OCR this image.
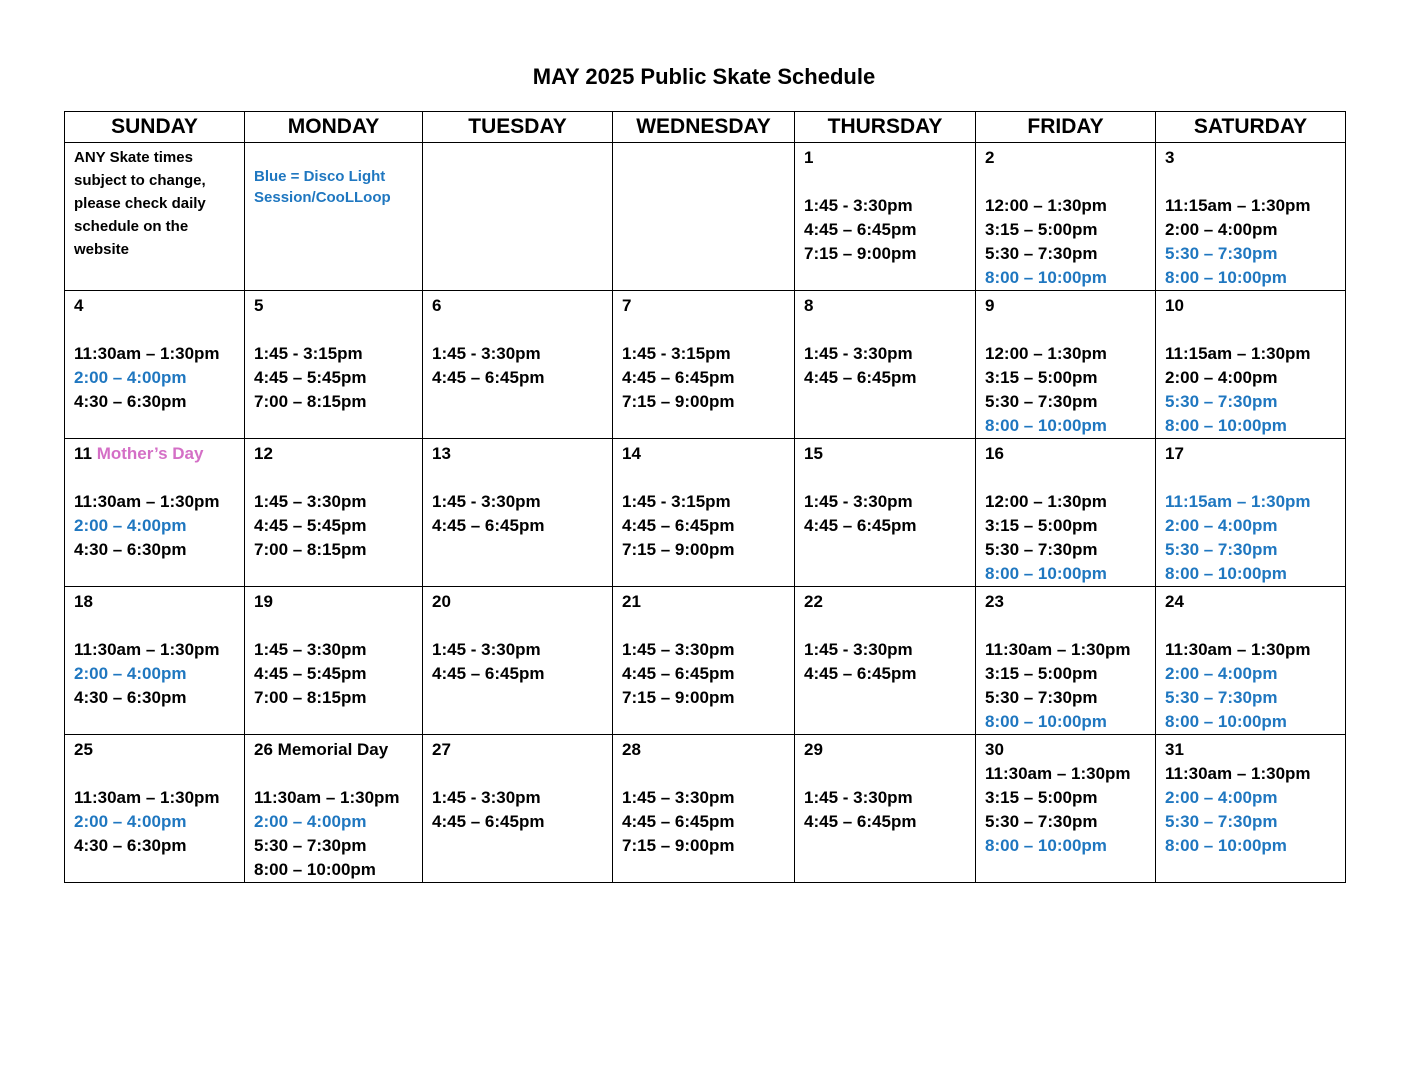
MAY 2025 Public Skate Schedule
SUNDAY	MONDAY	TUESDAY	WEDNESDAY	THURSDAY	FRIDAY	SATURDAY

ANY Skate times subject to change, please check daily schedule on the website	Blue = Disco Light Session/CooLLoop			1
1:45 - 3:30pm
4:45 – 6:45pm
7:15 – 9:00pm	2
12:00 – 1:30pm
3:15 – 5:00pm
5:30 – 7:30pm
8:00 – 10:00pm	3
11:15am – 1:30pm
2:00 – 4:00pm
5:30 – 7:30pm
8:00 – 10:00pm

4
11:30am – 1:30pm
2:00 – 4:00pm
4:30 – 6:30pm	5
1:45 - 3:15pm
4:45 – 5:45pm
7:00 – 8:15pm	6
1:45 - 3:30pm
4:45 – 6:45pm	7
1:45 - 3:15pm
4:45 – 6:45pm
7:15 – 9:00pm	8
1:45 - 3:30pm
4:45 – 6:45pm	9
12:00 – 1:30pm
3:15 – 5:00pm
5:30 – 7:30pm
8:00 – 10:00pm	10
11:15am – 1:30pm
2:00 – 4:00pm
5:30 – 7:30pm
8:00 – 10:00pm

11 Mother’s Day
11:30am – 1:30pm
2:00 – 4:00pm
4:30 – 6:30pm	12
1:45 – 3:30pm
4:45 – 5:45pm
7:00 – 8:15pm	13
1:45 - 3:30pm
4:45 – 6:45pm	14
1:45 - 3:15pm
4:45 – 6:45pm
7:15 – 9:00pm	15
1:45 - 3:30pm
4:45 – 6:45pm	16
12:00 – 1:30pm
3:15 – 5:00pm
5:30 – 7:30pm
8:00 – 10:00pm	17
11:15am – 1:30pm
2:00 – 4:00pm
5:30 – 7:30pm
8:00 – 10:00pm

18
11:30am – 1:30pm
2:00 – 4:00pm
4:30 – 6:30pm	19
1:45 – 3:30pm
4:45 – 5:45pm
7:00 – 8:15pm	20
1:45 - 3:30pm
4:45 – 6:45pm	21
1:45 – 3:30pm
4:45 – 6:45pm
7:15 – 9:00pm	22
1:45 - 3:30pm
4:45 – 6:45pm	23
11:30am – 1:30pm
3:15 – 5:00pm
5:30 – 7:30pm
8:00 – 10:00pm	24
11:30am – 1:30pm
2:00 – 4:00pm
5:30 – 7:30pm
8:00 – 10:00pm

25
11:30am – 1:30pm
2:00 – 4:00pm
4:30 – 6:30pm	26 Memorial Day
11:30am – 1:30pm
2:00 – 4:00pm
5:30 – 7:30pm
8:00 – 10:00pm	27
1:45 - 3:30pm
4:45 – 6:45pm	28
1:45 – 3:30pm
4:45 – 6:45pm
7:15 – 9:00pm	29
1:45 - 3:30pm
4:45 – 6:45pm	30
11:30am – 1:30pm
3:15 – 5:00pm
5:30 – 7:30pm
8:00 – 10:00pm	31
11:30am – 1:30pm
2:00 – 4:00pm
5:30 – 7:30pm
8:00 – 10:00pm
